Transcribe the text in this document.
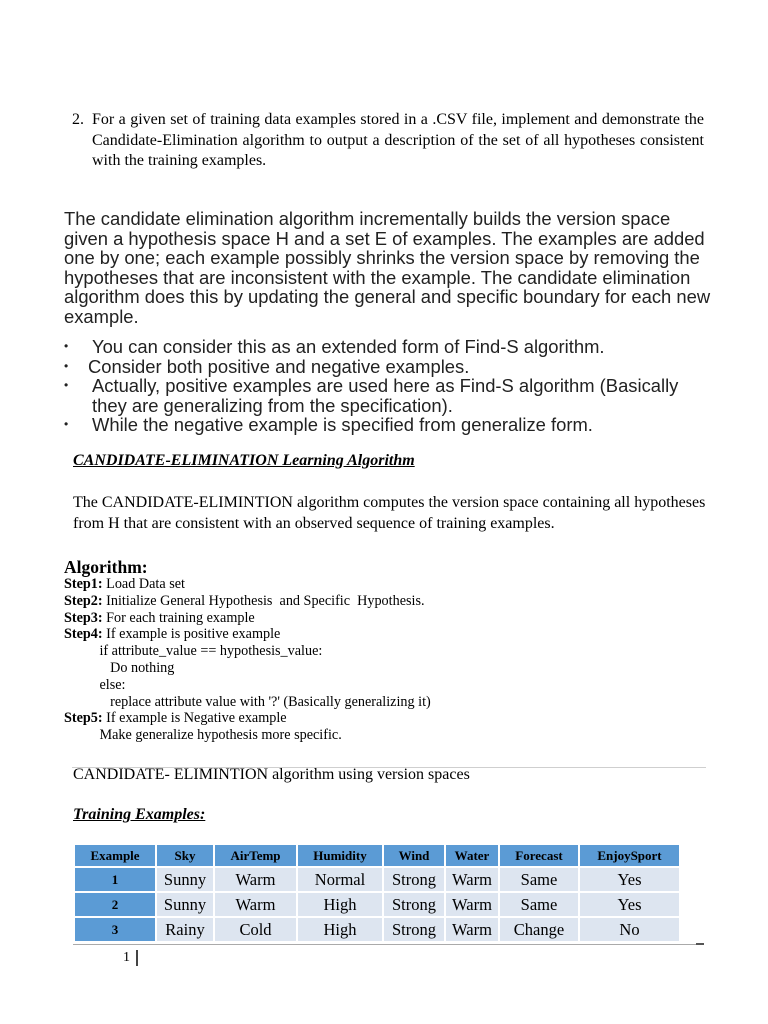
2. For a given set of training data examples stored in a .CSV file, implement and demonstrate the Candidate-Elimination algorithm to output a description of the set of all hypotheses consistent with the training examples.
The candidate elimination algorithm incrementally builds the version space given a hypothesis space H and a set E of examples. The examples are added one by one; each example possibly shrinks the version space by removing the hypotheses that are inconsistent with the example. The candidate elimination algorithm does this by updating the general and specific boundary for each new example.
• You can consider this as an extended form of Find-S algorithm.
• Consider both positive and negative examples.
• Actually, positive examples are used here as Find-S algorithm (Basically they are generalizing from the specification).
• While the negative example is specified from generalize form.
CANDIDATE-ELIMINATION Learning Algorithm
The CANDIDATE-ELIMINTION algorithm computes the version space containing all hypotheses from H that are consistent with an observed sequence of training examples.
Algorithm:
Step1: Load Data set
Step2: Initialize General Hypothesis  and Specific  Hypothesis.
Step3: For each training example
Step4: If example is positive example
if attribute_value == hypothesis_value:
Do nothing
else:
replace attribute value with '?' (Basically generalizing it)
Step5: If example is Negative example
Make generalize hypothesis more specific.
CANDIDATE- ELIMINTION algorithm using version spaces
Training Examples:
Example	Sky	AirTemp	Humidity	Wind	Water	Forecast	EnjoySport
1	Sunny	Warm	Normal	Strong	Warm	Same	Yes
2	Sunny	Warm	High	Strong	Warm	Same	Yes
3	Rainy	Cold	High	Strong	Warm	Change	No
1
